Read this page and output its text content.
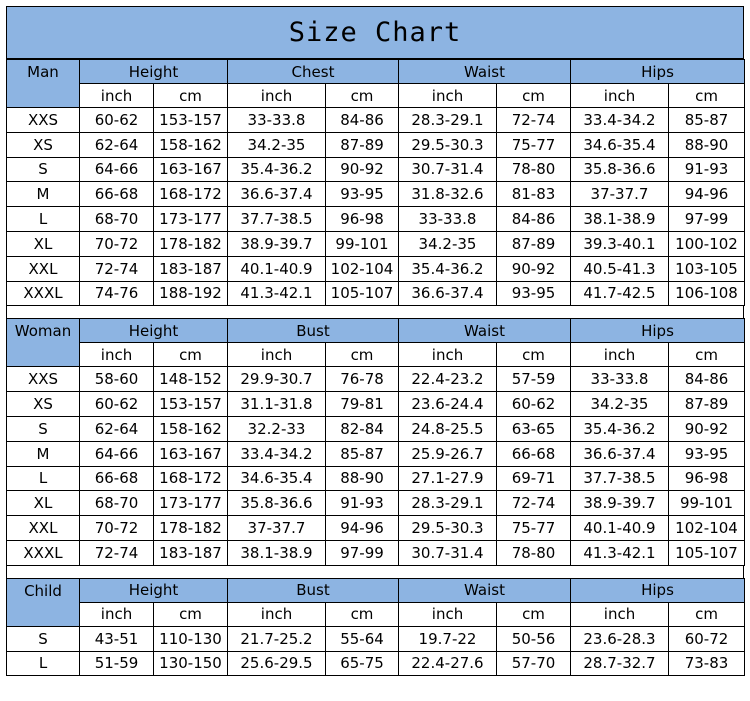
Size Chart
Man	Height		Chest		Waist		Hips	
	inch	cm	inch	cm	inch	cm	inch	cm
XXS	60-62	153-157	33-33.8	84-86	28.3-29.1	72-74	33.4-34.2	85-87
XS	62-64	158-162	34.2-35	87-89	29.5-30.3	75-77	34.6-35.4	88-90
S	64-66	163-167	35.4-36.2	90-92	30.7-31.4	78-80	35.8-36.6	91-93
M	66-68	168-172	36.6-37.4	93-95	31.8-32.6	81-83	37-37.7	94-96
L	68-70	173-177	37.7-38.5	96-98	33-33.8	84-86	38.1-38.9	97-99
XL	70-72	178-182	38.9-39.7	99-101	34.2-35	87-89	39.3-40.1	100-102
XXL	72-74	183-187	40.1-40.9	102-104	35.4-36.2	90-92	40.5-41.3	103-105
XXXL	74-76	188-192	41.3-42.1	105-107	36.6-37.4	93-95	41.7-42.5	106-108
Woman	Height		Bust		Waist		Hips	
	inch	cm	inch	cm	inch	cm	inch	cm
XXS	58-60	148-152	29.9-30.7	76-78	22.4-23.2	57-59	33-33.8	84-86
XS	60-62	153-157	31.1-31.8	79-81	23.6-24.4	60-62	34.2-35	87-89
S	62-64	158-162	32.2-33	82-84	24.8-25.5	63-65	35.4-36.2	90-92
M	64-66	163-167	33.4-34.2	85-87	25.9-26.7	66-68	36.6-37.4	93-95
L	66-68	168-172	34.6-35.4	88-90	27.1-27.9	69-71	37.7-38.5	96-98
XL	68-70	173-177	35.8-36.6	91-93	28.3-29.1	72-74	38.9-39.7	99-101
XXL	70-72	178-182	37-37.7	94-96	29.5-30.3	75-77	40.1-40.9	102-104
XXXL	72-74	183-187	38.1-38.9	97-99	30.7-31.4	78-80	41.3-42.1	105-107
Child	Height		Bust		Waist		Hips	
	inch	cm	inch	cm	inch	cm	inch	cm
S	43-51	110-130	21.7-25.2	55-64	19.7-22	50-56	23.6-28.3	60-72
L	51-59	130-150	25.6-29.5	65-75	22.4-27.6	57-70	28.7-32.7	73-83
